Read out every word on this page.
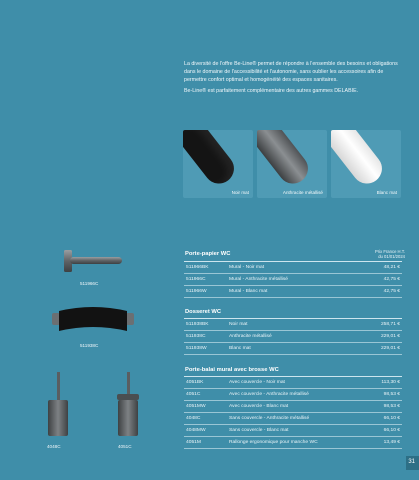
La diversité de l'offre Be-Line® permet de répondre à l'ensemble des besoins et obligations dans le domaine de l'accessibilité et l'autonomie, sans oublier les accessoires afin de permettre confort optimal et homogénéité des espaces sanitaires.

Be-Line® est parfaitement complémentaire des autres gammes DELABIE.

Noir mat	Anthracite métallisé	Blanc mat
Prix France H.T.
du 01/01/2024
Porte-papier WC
511966BK	Mural - Noir mat	48,21 €
511966C	Mural - Anthracite métallisé	42,75 €
511966W	Mural - Blanc mat	42,75 €
Dosseret WC
511938BK	Noir mat	258,71 €
511938C	Anthracite métallisé	229,01 €
511938W	Blanc mat	229,01 €
Porte-balai mural avec brosse WC
4051BK	Avec couvercle - Noir mat	113,30 €
4051C	Avec couvercle - Anthracite métallisé	98,53 €
4051MW	Avec couvercle - Blanc mat	98,53 €
4048C	Sans couvercle - Anthracite métallisé	66,10 €
4048MW	Sans couvercle - Blanc mat	66,10 €
4051M	Rallonge ergonomique pour manche WC	13,49 €
511966C
511938C
4048C	4051C
31
